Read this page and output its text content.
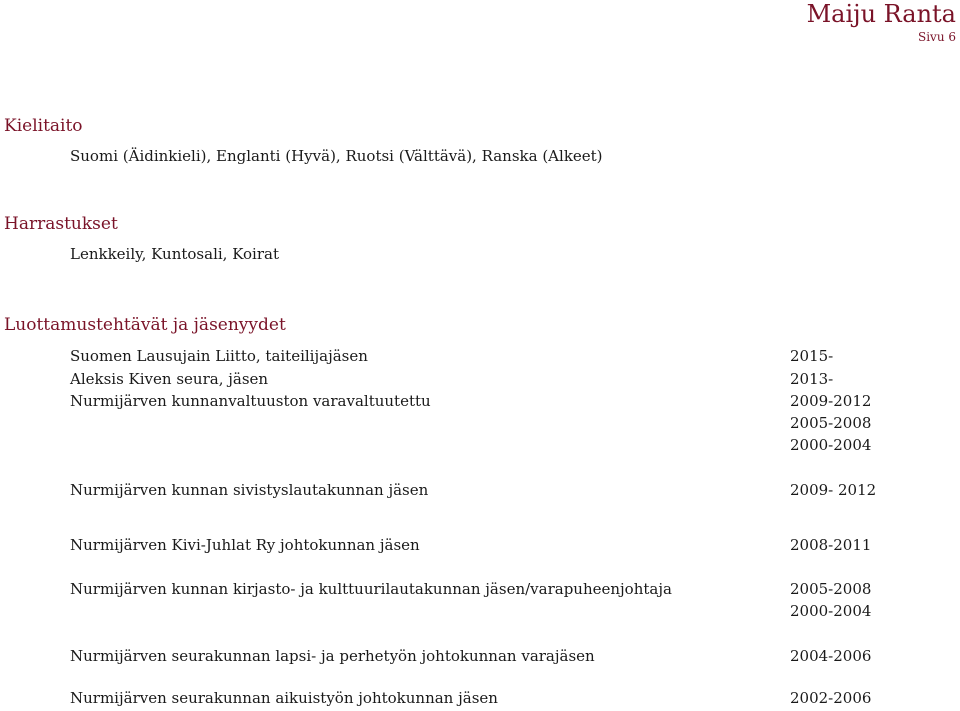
Maiju Ranta
Sivu 6
Kielitaito
Suomi (Äidinkieli), Englanti (Hyvä), Ruotsi (Välttävä), Ranska (Alkeet)
Harrastukset
Lenkkeily, Kuntosali, Koirat
Luottamustehtävät ja jäsenyydet
Suomen Lausujain Liitto, taiteilijajäsen	2015-
Aleksis Kiven seura, jäsen	2013-
Nurmijärven kunnanvaltuuston varavaltuutettu	2009-2012
2005-2008
2000-2004
Nurmijärven kunnan sivistyslautakunnan jäsen	2009- 2012
Nurmijärven Kivi-Juhlat Ry johtokunnan jäsen	2008-2011
Nurmijärven kunnan kirjasto- ja kulttuurilautakunnan jäsen/varapuheenjohtaja	2005-2008
2000-2004
Nurmijärven seurakunnan lapsi- ja perhetyön johtokunnan varajäsen	2004-2006
Nurmijärven seurakunnan aikuistyön johtokunnan jäsen	2002-2006
